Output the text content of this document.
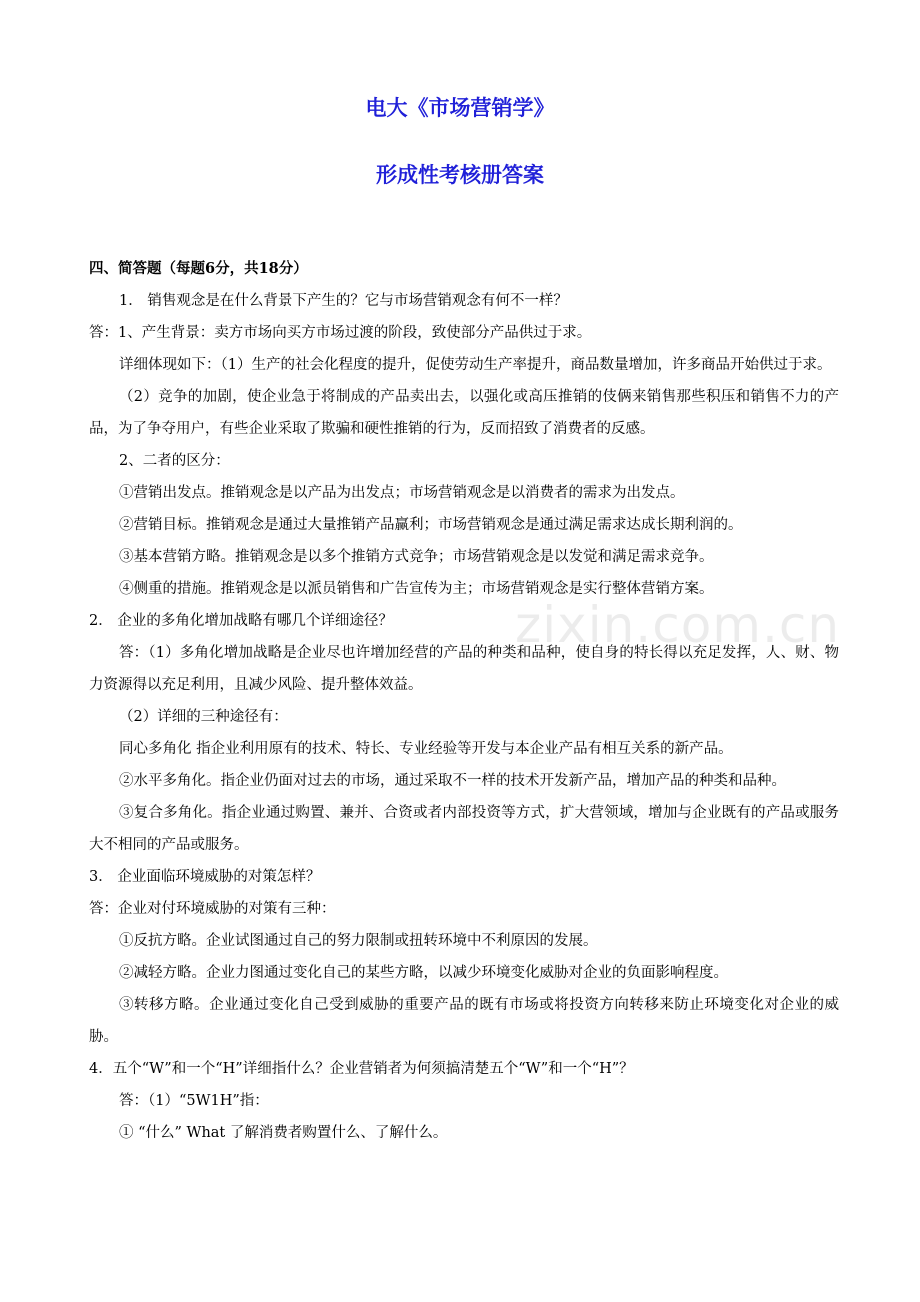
电大《市场营销学》
形成性考核册答案
四、简答题（每题6分，共18分）
1． 销售观念是在什么背景下产生的？它与市场营销观念有何不一样？
答：1、产生背景：卖方市场向买方市场过渡的阶段，致使部分产品供过于求。
详细体现如下：（1）生产的社会化程度的提升，促使劳动生产率提升，商品数量增加，许多商品开始供过于求。
（2）竞争的加剧，使企业急于将制成的产品卖出去，以强化或高压推销的伎俩来销售那些积压和销售不力的产品，为了争夺用户，有些企业采取了欺骗和硬性推销的行为，反而招致了消费者的反感。
2、二者的区分：
①营销出发点。推销观念是以产品为出发点；市场营销观念是以消费者的需求为出发点。
②营销目标。推销观念是通过大量推销产品赢利；市场营销观念是通过满足需求达成长期利润的。
③基本营销方略。推销观念是以多个推销方式竞争；市场营销观念是以发觉和满足需求竞争。
④侧重的措施。推销观念是以派员销售和广告宣传为主；市场营销观念是实行整体营销方案。
2． 企业的多角化增加战略有哪几个详细途径？
答：（1）多角化增加战略是企业尽也许增加经营的产品的种类和品种，使自身的特长得以充足发挥，人、财、物力资源得以充足利用，且减少风险、提升整体效益。
（2）详细的三种途径有：
同心多角化 指企业利用原有的技术、特长、专业经验等开发与本企业产品有相互关系的新产品。
②水平多角化。指企业仍面对过去的市场，通过采取不一样的技术开发新产品，增加产品的种类和品种。
③复合多角化。指企业通过购置、兼并、合资或者内部投资等方式，扩大营领域，增加与企业既有的产品或服务大不相同的产品或服务。
3． 企业面临环境威胁的对策怎样？
答：企业对付环境威胁的对策有三种：
①反抗方略。企业试图通过自己的努力限制或扭转环境中不利原因的发展。
②减轻方略。企业力图通过变化自己的某些方略，以减少环境变化威胁对企业的负面影响程度。
③转移方略。企业通过变化自己受到威胁的重要产品的既有市场或将投资方向转移来防止环境变化对企业的威胁。
4．五个“W”和一个“H”详细指什么？企业营销者为何须搞清楚五个“W”和一个“H”？
答：（1）“5W1H”指：
① “什么” What 了解消费者购置什么、了解什么。
zixin.com.cn
